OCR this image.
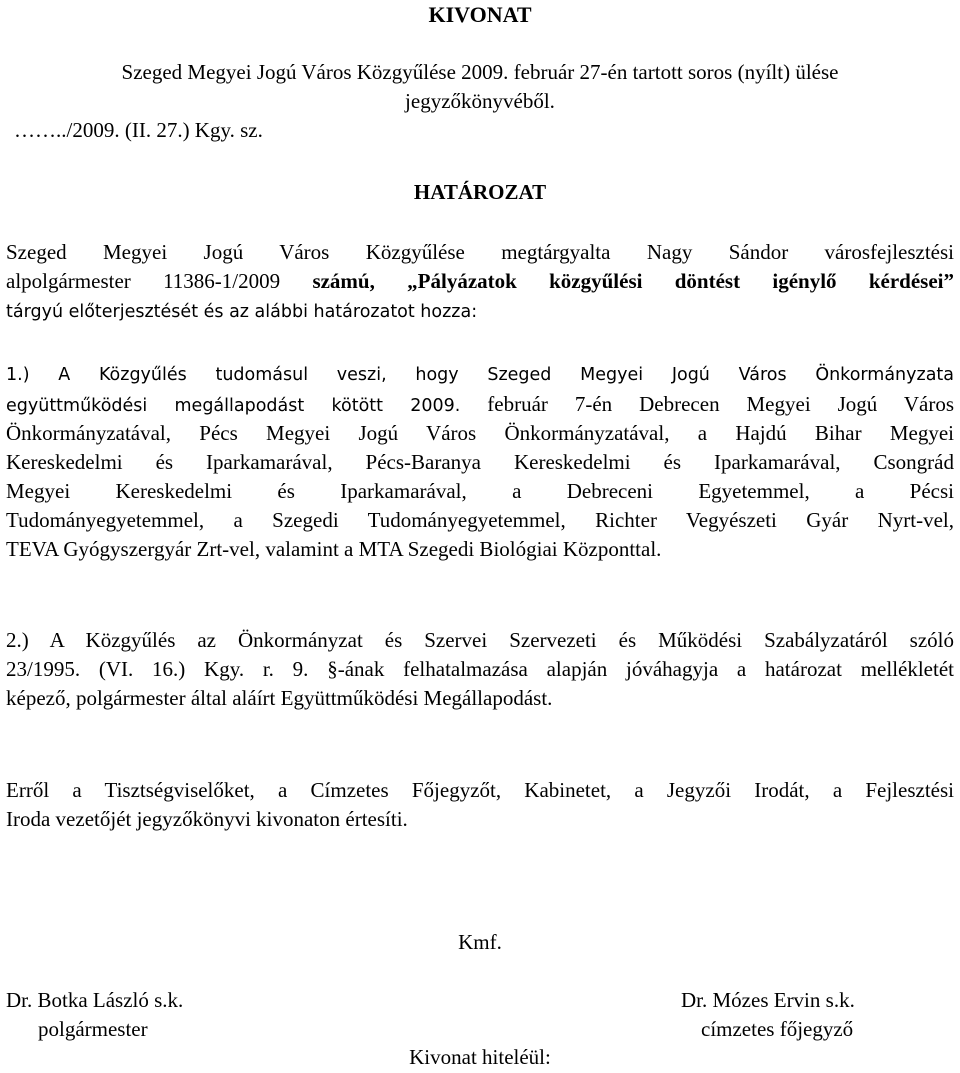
KIVONAT
Szeged Megyei Jogú Város Közgyűlése 2009. február 27-én tartott soros (nyílt) ülése
jegyzőkönyvéből.
……../2009. (II. 27.) Kgy. sz.
HATÁROZAT
Szeged Megyei Jogú Város Közgyűlése megtárgyalta Nagy Sándor városfejlesztési
alpolgármester 11386-1/2009 számú, „Pályázatok közgyűlési döntést igénylő kérdései”
tárgyú előterjesztését és az alábbi határozatot hozza:
1.) A Közgyűlés tudomásul veszi, hogy Szeged Megyei Jogú Város Önkormányzata
együttműködési megállapodást kötött 2009. február 7-én Debrecen Megyei Jogú Város
Önkormányzatával, Pécs Megyei Jogú Város Önkormányzatával, a Hajdú Bihar Megyei
Kereskedelmi és Iparkamarával, Pécs-Baranya Kereskedelmi és Iparkamarával, Csongrád
Megyei Kereskedelmi és Iparkamarával, a Debreceni Egyetemmel, a Pécsi
Tudományegyetemmel, a Szegedi Tudományegyetemmel, Richter Vegyészeti Gyár Nyrt-vel,
TEVA Gyógyszergyár Zrt-vel, valamint a MTA Szegedi Biológiai Központtal.
2.) A Közgyűlés az Önkormányzat és Szervei Szervezeti és Működési Szabályzatáról szóló
23/1995. (VI. 16.) Kgy. r. 9. §-ának felhatalmazása alapján jóváhagyja a határozat mellékletét
képező, polgármester által aláírt Együttműködési Megállapodást.
Erről a Tisztségviselőket, a Címzetes Főjegyzőt, Kabinetet, a Jegyzői Irodát, a Fejlesztési
Iroda vezetőjét jegyzőkönyvi kivonaton értesíti.
Kmf.
Dr. Botka László s.k.
polgármester
Dr. Mózes Ervin s.k.
címzetes főjegyző
Kivonat hiteléül:
